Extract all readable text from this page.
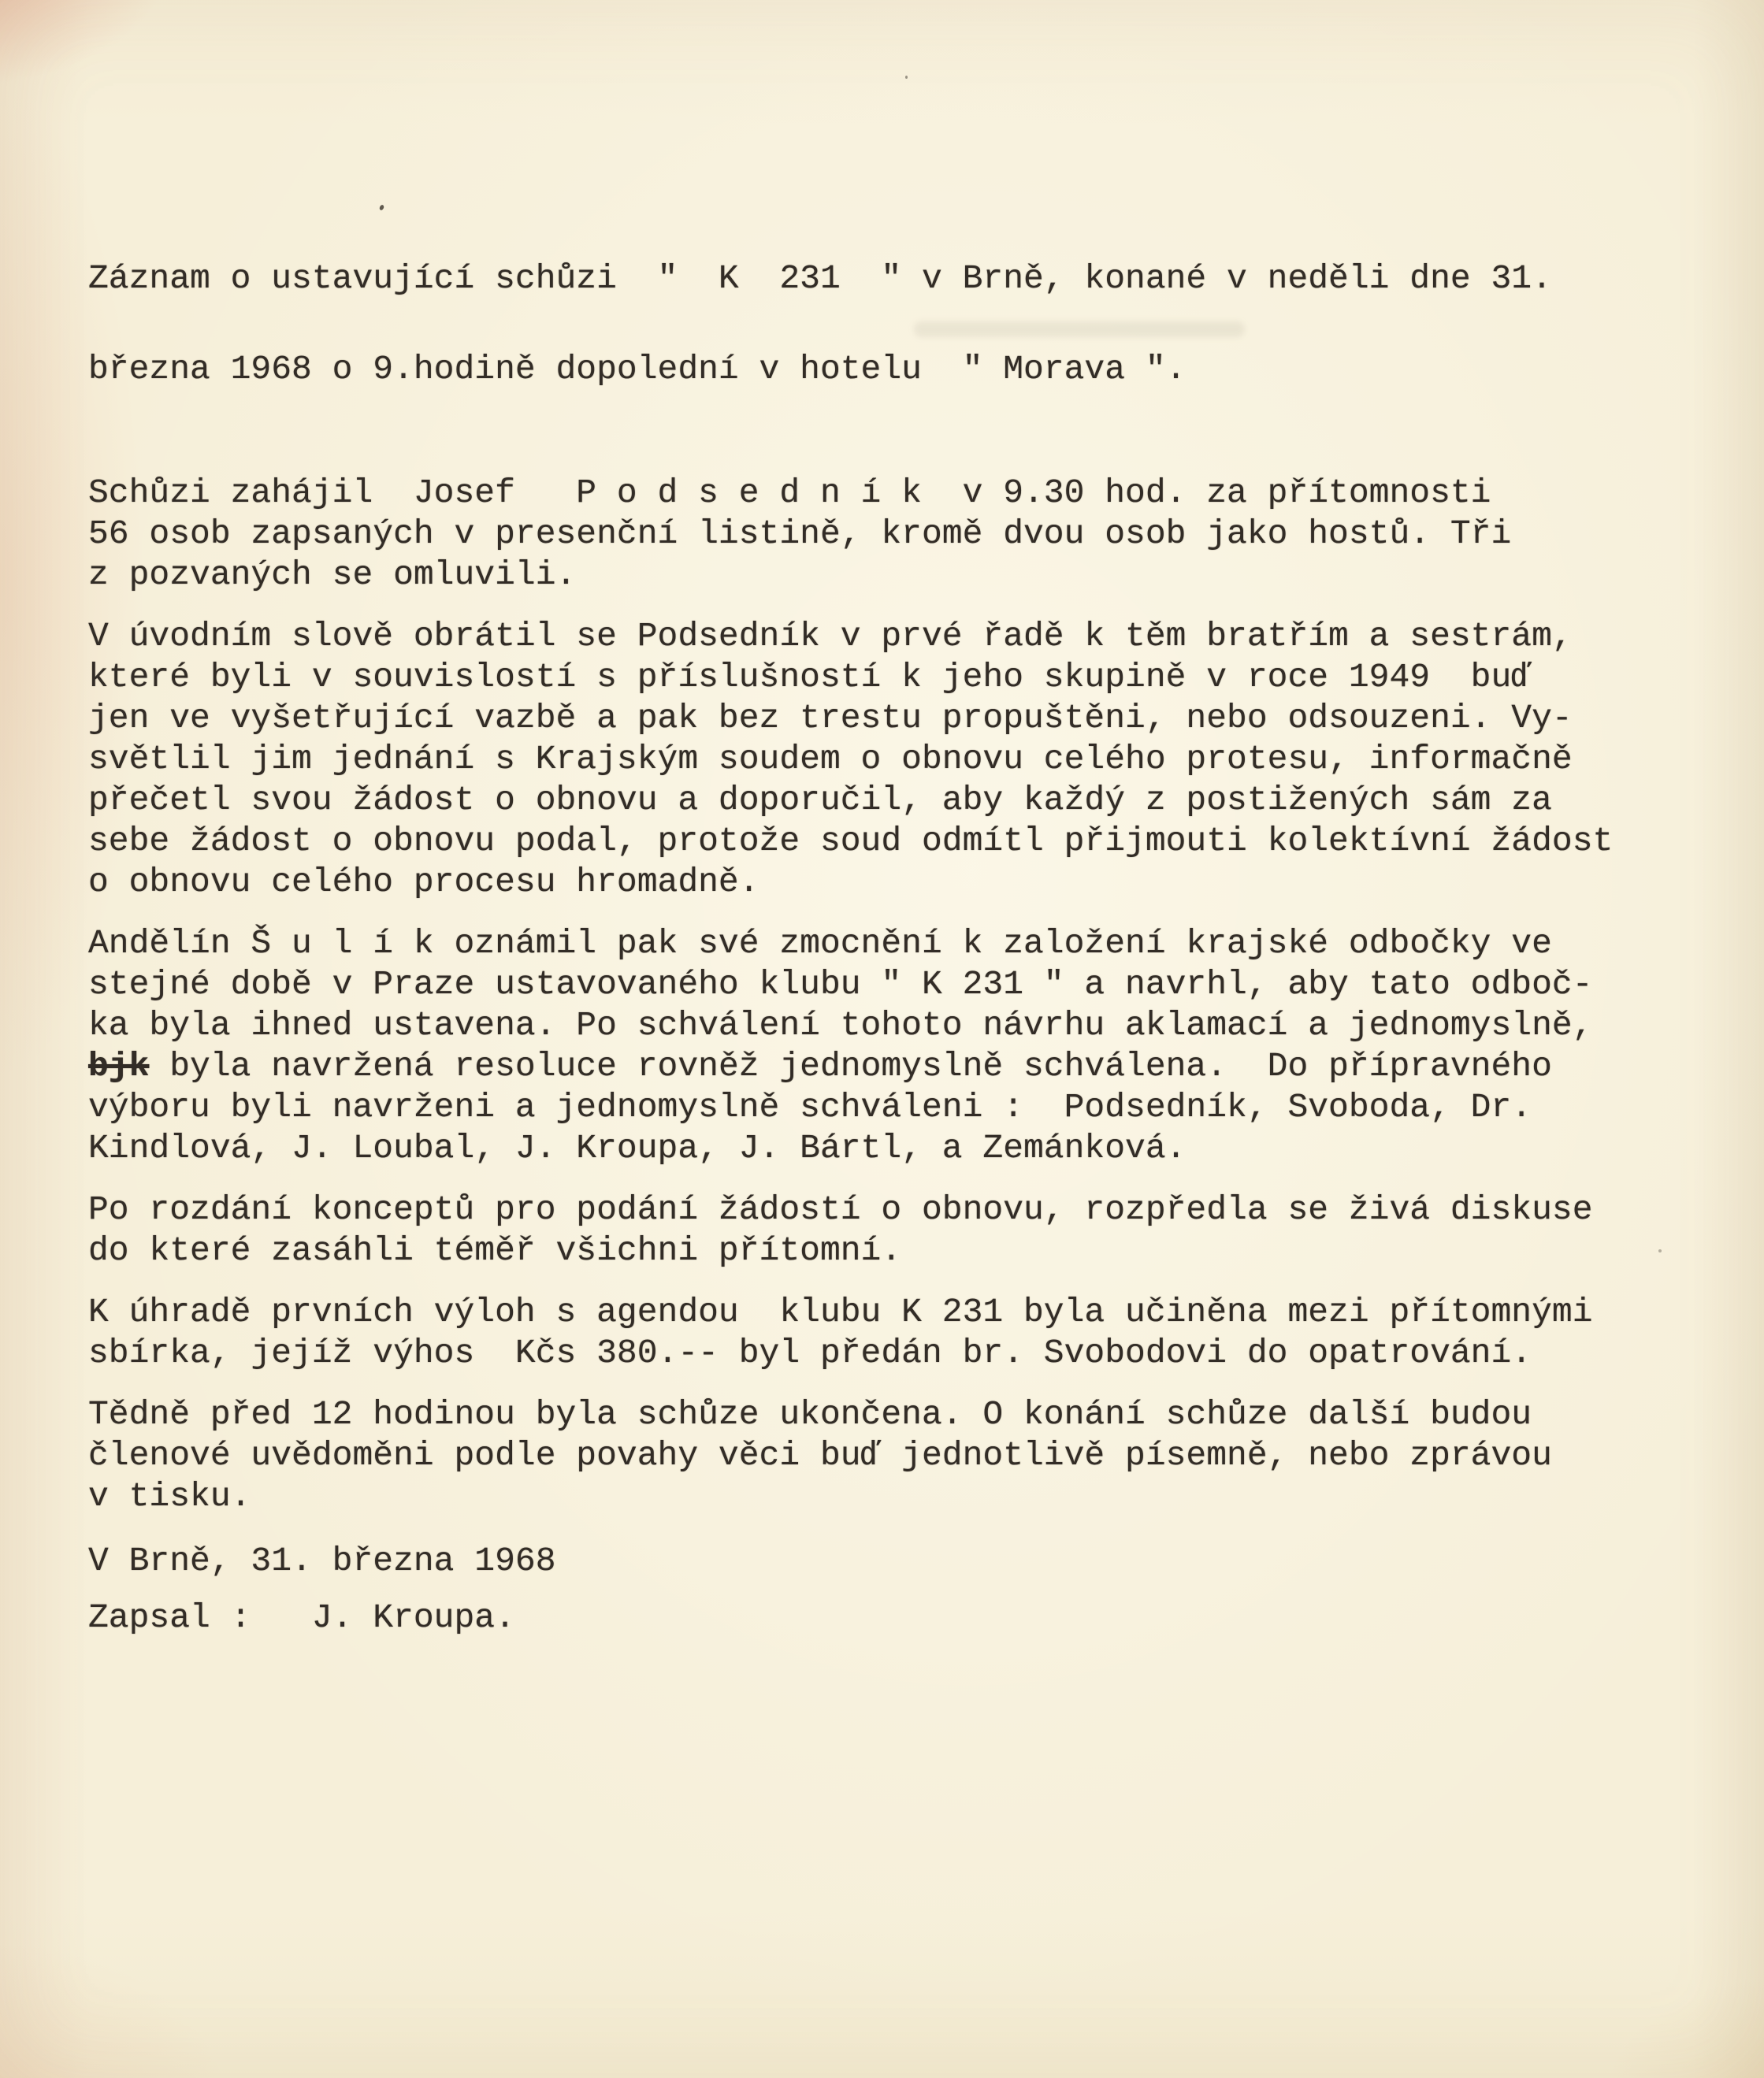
Záznam o ustavující schůzi  "  K  231  " v Brně, konané v neděli dne 31.
března 1968 o 9.hodině dopolední v hotelu  " Morava ".
Schůzi zahájil  Josef   P o d s e d n í k  v 9.30 hod. za přítomnosti
56 osob zapsaných v presenční listině, kromě dvou osob jako hostů. Tři
z pozvaných se omluvili.
V úvodním slově obrátil se Podsedník v prvé řadě k těm bratřím a sestrám,
které byli v souvislostí s příslušností k jeho skupině v roce 1949  buď
jen ve vyšetřující vazbě a pak bez trestu propuštěni, nebo odsouzeni. Vy-
světlil jim jednání s Krajským soudem o obnovu celého protesu, informačně
přečetl svou žádost o obnovu a doporučil, aby každý z postižených sám za
sebe žádost o obnovu podal, protože soud odmítl přijmouti kolektívní žádost
o obnovu celého procesu hromadně.
Andělín Š u l í k oznámil pak své zmocnění k založení krajské odbočky ve
stejné době v Praze ustavovaného klubu " K 231 " a navrhl, aby tato odboč-
ka byla ihned ustavena. Po schválení tohoto návrhu aklamací a jednomyslně,
bjk byla navržená resoluce rovněž jednomyslně schválena.  Do přípravného
výboru byli navrženi a jednomyslně schváleni :  Podsedník, Svoboda, Dr.
Kindlová, J. Loubal, J. Kroupa, J. Bártl, a Zemánková.
Po rozdání konceptů pro podání žádostí o obnovu, rozpředla se živá diskuse
do které zasáhli téměř všichni přítomní.
K úhradě prvních výloh s agendou  klubu K 231 byla učiněna mezi přítomnými
sbírka, jejíž výhos  Kčs 380.-- byl předán br. Svobodovi do opatrování.
Tědně před 12 hodinou byla schůze ukončena. O konání schůze další budou
členové uvědoměni podle povahy věci buď jednotlivě písemně, nebo zprávou
v tisku.
V Brně, 31. března 1968
Zapsal :   J. Kroupa.
